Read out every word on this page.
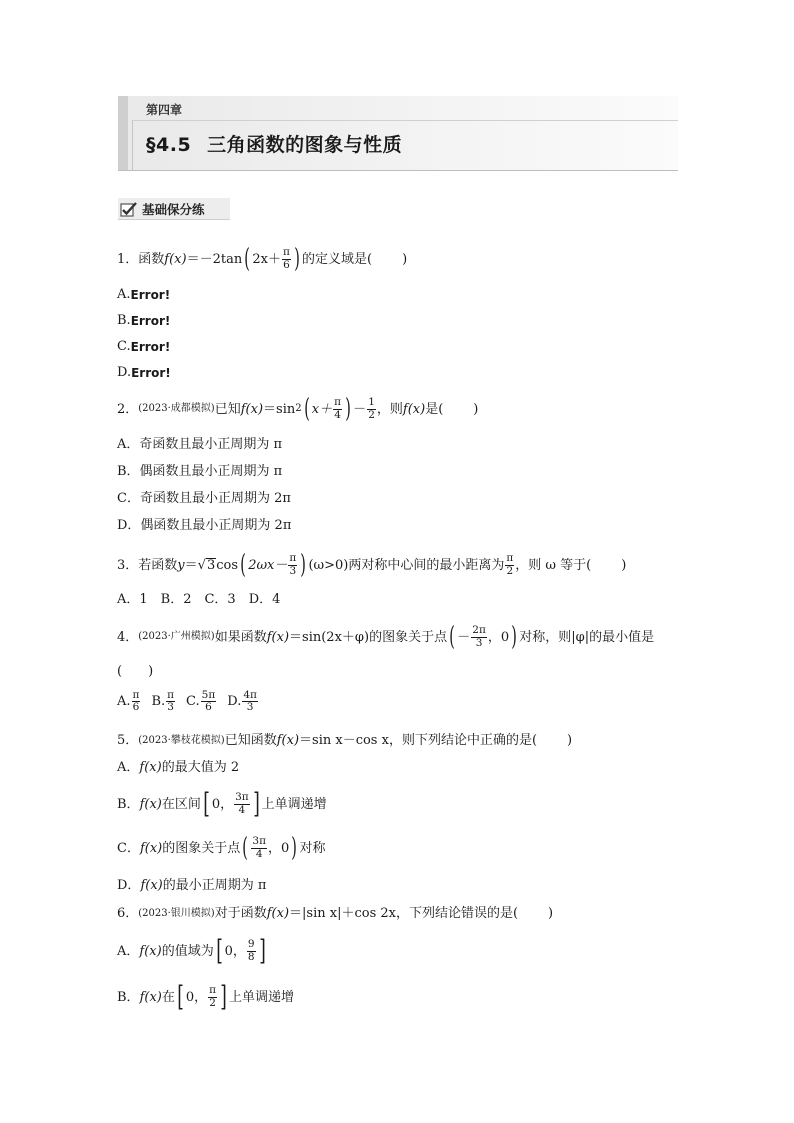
第四章
§4.5 三角函数的图象与性质
基础保分练
1． 函数 f(x) ＝－2tan ( $2x+ \frac{\pi}{6}$ ) 的定义域是( )
A. Error!
B. Error!
C. Error!
D. Error!
2． (2023·成都模拟) 已知 f(x) ＝sin 2 ( $x+ \frac{\pi}{4}$ ) － $\frac{1}{2}$ ，则 f(x) 是( )
A．奇函数且最小正周期为 π
B．偶函数且最小正周期为 π
C．奇函数且最小正周期为 2π
D．偶函数且最小正周期为 2π
3． 若函数 y ＝ √ 3 cos ( $2\omega x- \frac{\pi}{3}$ ) (ω>0)两对称中心间的最小距离为 $\frac{\pi}{2}$ ，则 ω 等于( )
A．1　B．2　C．3　D．4
4． (2023·广州模拟) 如果函数 f(x) ＝sin(2x＋φ)的图象关于点 ( － $\frac{2\pi}{3}$ ，0 ) 对称，则|φ|的最小值是
(　　)
A. $\frac{\pi}{6} B$. $\frac{\pi}{3} C$. $\frac{5\pi}{6} D$. $\frac{4\pi}{3}$
5． (2023·攀枝花模拟) 已知函数 f(x) ＝sin x－cos x，则下列结论中正确的是( )
A． f(x) 的最大值为 2
B． f(x) 在区间 [ 0， $\frac{3\pi}{4}$ ] 上单调递增
C． f(x) 的图象关于点 ( $\frac{3\pi}{4}$ ，0 ) 对称
D． f(x) 的最小正周期为 π
6． (2023·银川模拟) 对于函数 f(x) ＝|sin x|＋cos 2x，下列结论错误的是( )
A． f(x) 的值域为 [ 0， $\frac{9}{8}$ ]
B． f(x) 在 [ 0， $\frac{\pi}{2}$ ] 上单调递增
